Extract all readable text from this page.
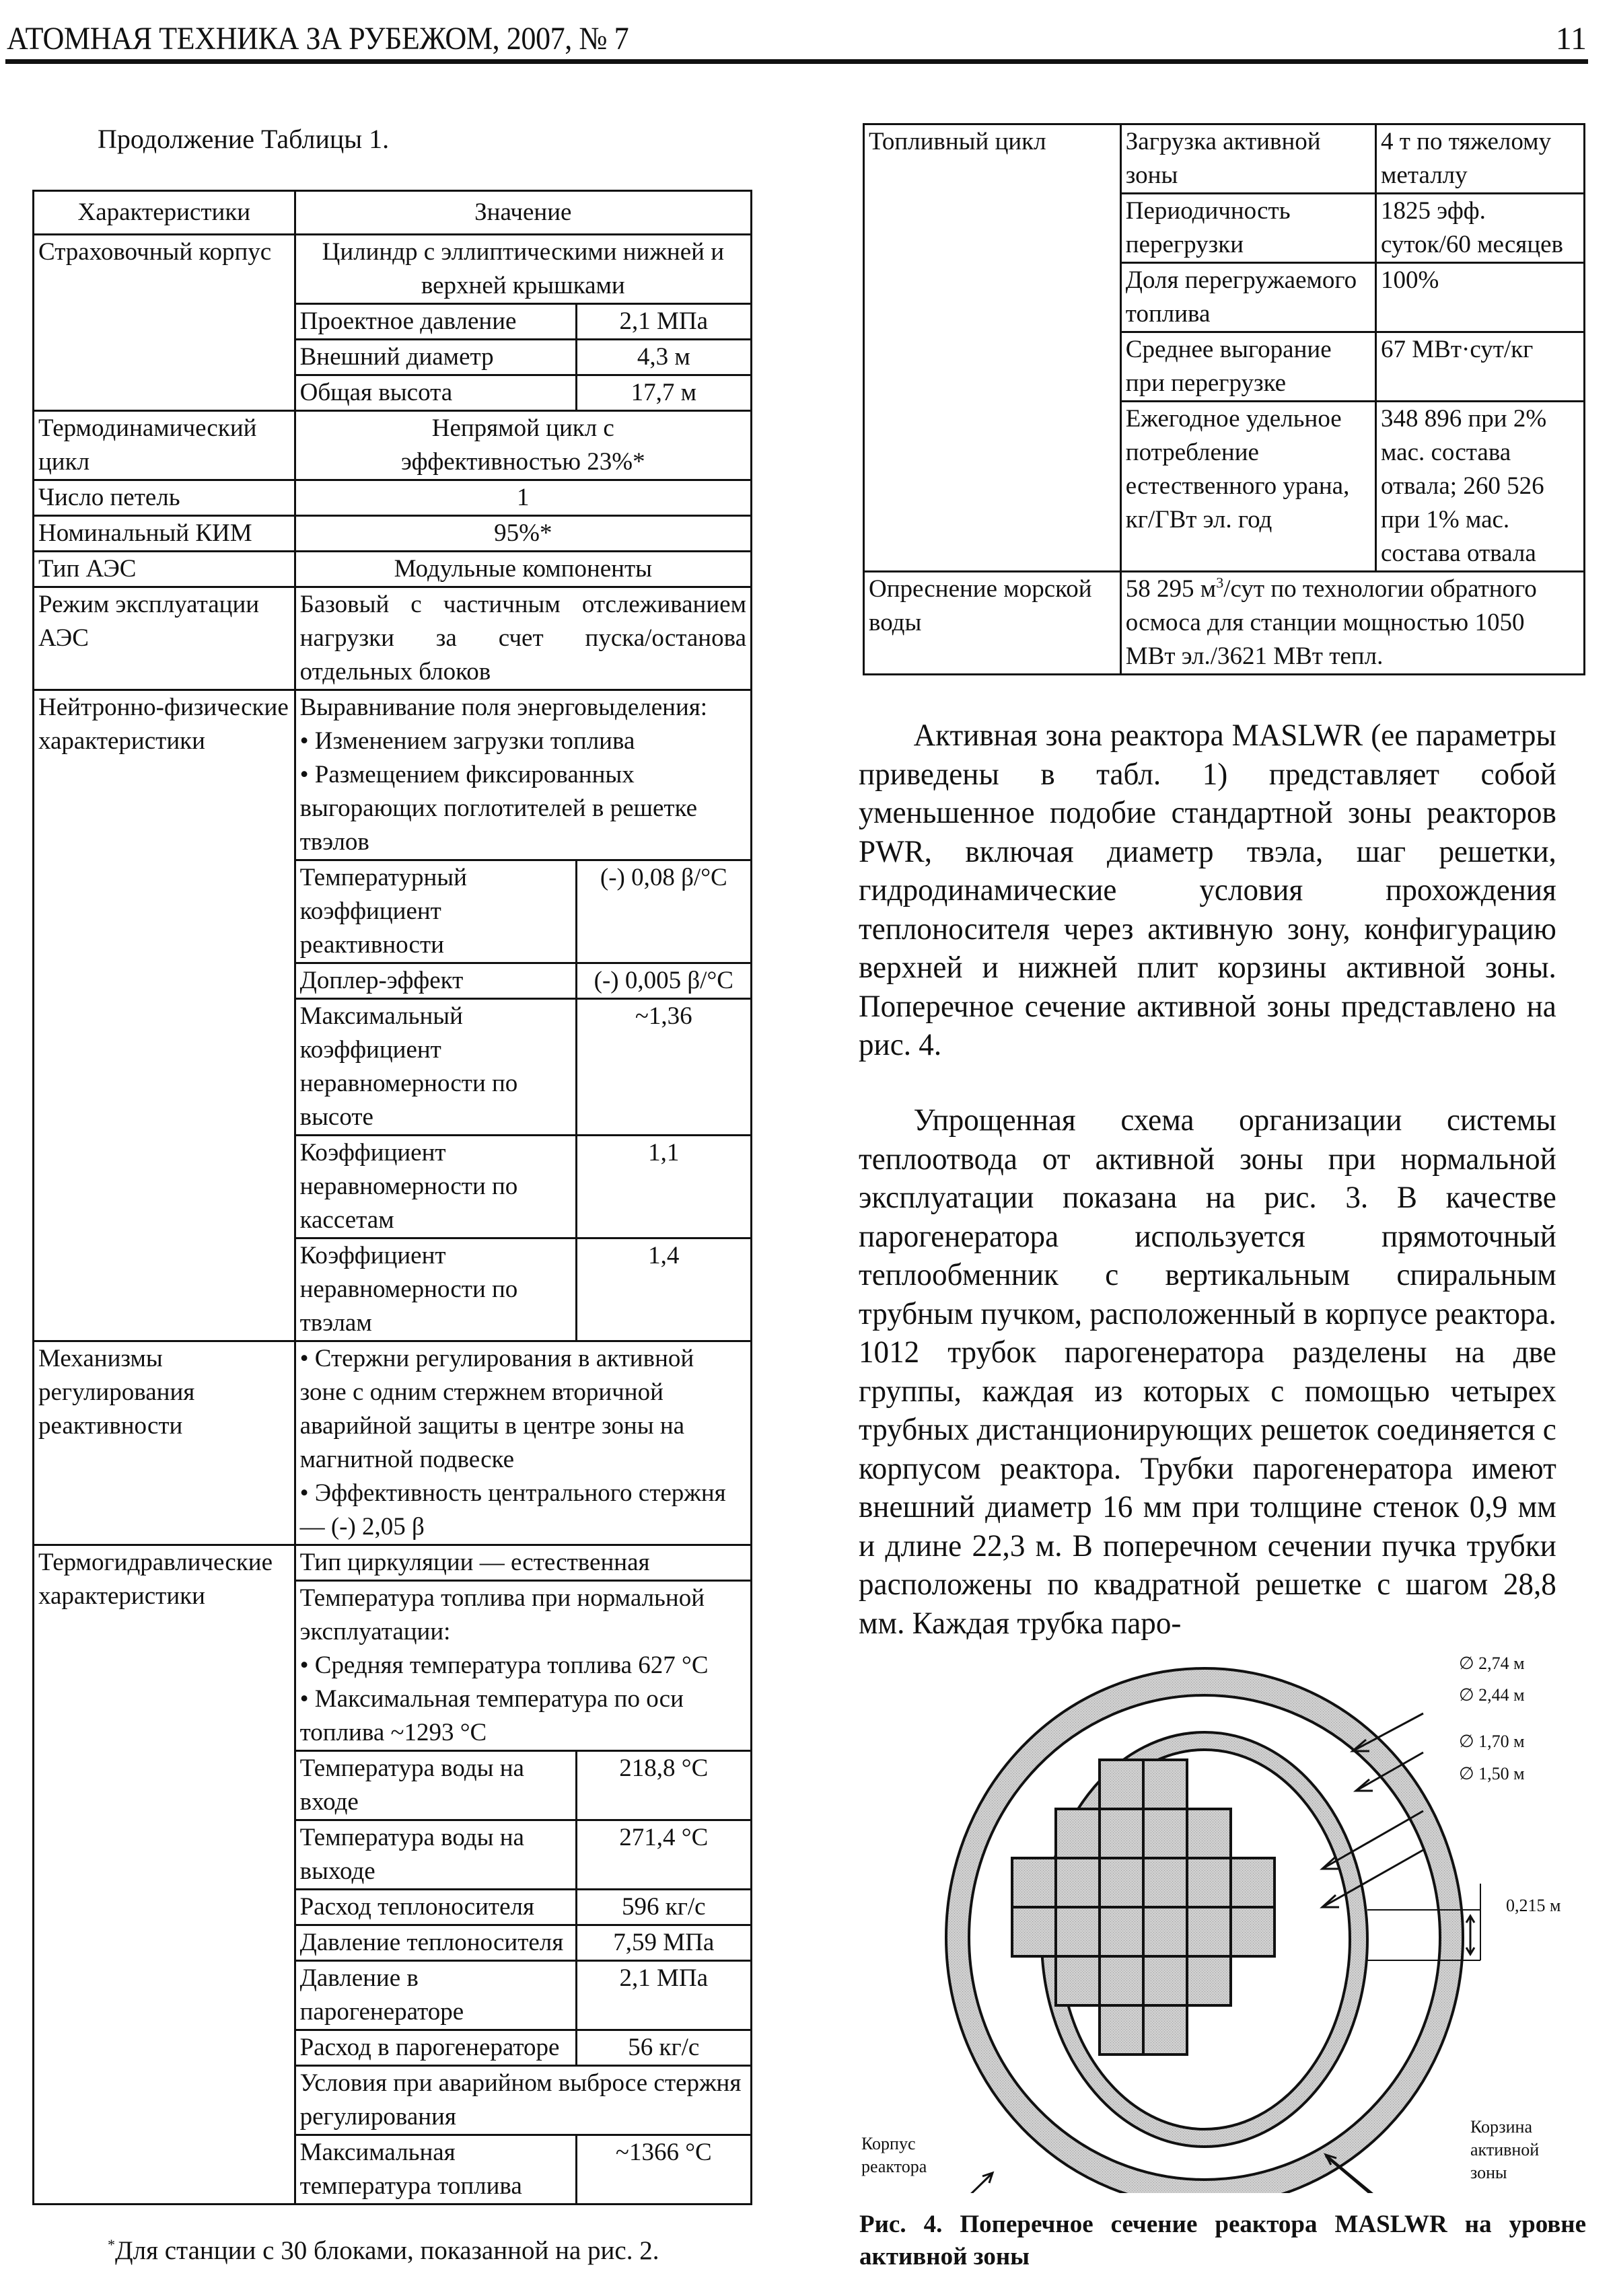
АТОМНАЯ ТЕХНИКА ЗА РУБЕЖОМ, 2007, № 7	11
Продолжение Таблицы 1.
Характеристики	Значение	
Страховочный корпус	Цилиндр с эллиптическими нижней и верхней крышками	
	Проектное давление	2,1 МПа
	Внешний диаметр	4,3 м
	Общая высота	17,7 м
Термодинамический цикл	Непрямой цикл с эффективностью 23%*	
Число петель	1	
Номинальный КИМ	95%*	
Тип АЭС	Модульные компоненты	
Режим эксплуатации АЭС	Базовый с частичным отслеживанием нагрузки за счет пуска/останова отдельных блоков	
Нейтронно-физические характеристики	Выравнивание поля энерговыделения:
• Изменением загрузки топлива
• Размещением фиксированных выгорающих поглотителей в решетке твэлов	

	Температурный коэффициент реактивности	(-) 0,08 β/°C
	Доплер-эффект	(-) 0,005 β/°C
	Максимальный коэффициент неравномерности по высоте	~1,36
	Коэффициент неравномерности по кассетам	1,1
	Коэффициент неравномерности по твэлам	1,4
Механизмы регулирования реактивности	• Стержни регулирования в активной зоне с одним стержнем вторичной аварийной защиты в центре зоны на магнитной подвеске
• Эффективность центрального стержня — (-) 2,05 β	

Термогидравлические характеристики	Тип циркуляции — естественная	

	Температура топлива при нормальной эксплуатации:
• Средняя температура топлива 627 °С
• Максимальная температура по оси топлива ~1293 °С	

	Температура воды на входе	218,8 °С
	Температура воды на выходе	271,4 °С
	Расход теплоносителя	596 кг/с
	Давление теплоносителя	7,59 МПа
	Давление в парогенераторе	2,1 МПа
	Расход в парогенераторе	56 кг/с
	Условия при аварийном выбросе стержня регулирования	
	Максимальная температура топлива	~1366 °С
*Для станции с 30 блоками, показанной на рис. 2.
Топливный цикл	Загрузка активной зоны	4 т по тяжелому металлу
	Периодичность перегрузки	1825 эфф. суток/60 месяцев
	Доля перегружаемого топлива	100%
	Среднее выгорание при перегрузке	67 МВт·сут/кг
	Ежегодное удельное потребление естественного урана, кг/ГВт эл. год	348 896 при 2% мас. состава отвала; 260 526 при 1% мас. состава отвала
Опреснение морской воды	58 295 $м^3$/сут по технологии обратного осмоса для станции мощностью 1050 МВт эл./3621 МВт тепл.	

Активная зона реактора MASLWR (ее параметры приведены в табл. 1) представляет собой уменьшенное подобие стандартной зоны реакторов PWR, включая диаметр твэла, шаг решетки, гидродинамические условия прохождения теплоносителя через активную зону, конфигурацию верхней и нижней плит корзины активной зоны. Поперечное сечение активной зоны представлено на рис. 4.

Упрощенная схема организации системы теплоотвода от активной зоны при нормальной эксплуатации показана на рис. 3. В качестве парогенератора используется прямоточный теплообменник с вертикальным спиральным трубным пучком, расположенный в корпусе реактора. 1012 трубок парогенератора разделены на две группы, каждая из которых с помощью четырех трубных дистанционирующих решеток соединяется с корпусом реактора. Трубки парогенератора имеют внешний диаметр 16 мм при толщине стенок 0,9 мм и длине 22,3 м. В поперечном сечении пучка трубки расположены по квадратной решетке с шагом 28,8 мм. Каждая трубка паро-

∅ 2,74 м
∅ 2,44 м
∅ 1,70 м
∅ 1,50 м
0,215 м
Корпус
реактора
Корзина
активной
зоны
Рис. 4. Поперечное сечение реактора MASLWR на уровне активной зоны
